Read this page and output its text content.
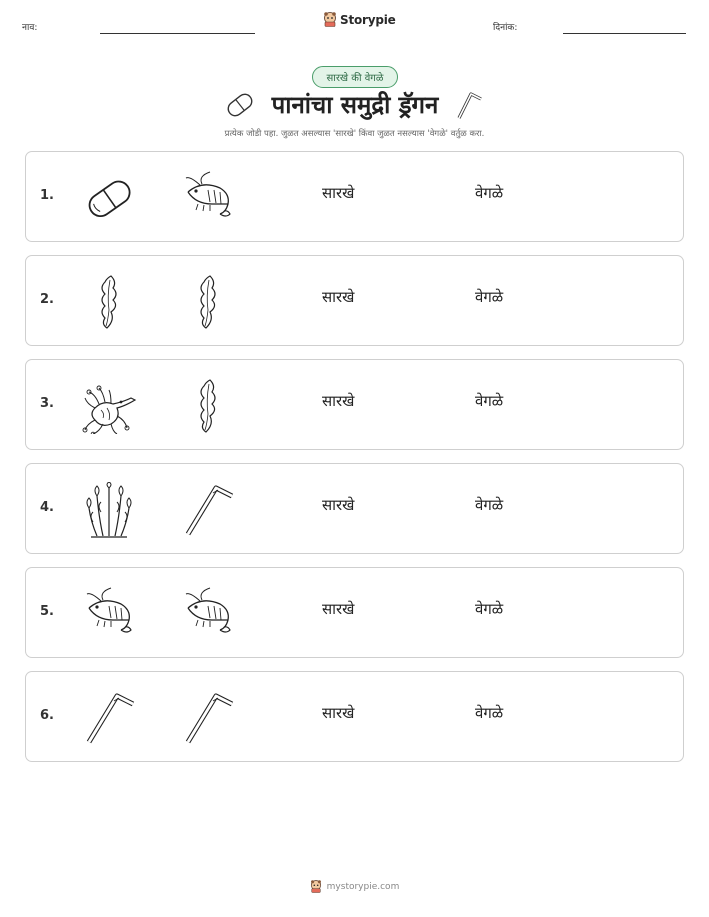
नाव:
Storypie
दिनांक:
सारखे की वेगळे
पानांचा समुद्री ड्रॅगन
प्रत्येक जोडी पहा. जुळत असल्यास 'सारखे' किंवा जुळत नसल्यास 'वेगळे' वर्तुळ करा.
1.	सारखे	वेगळे
2.	सारखे	वेगळे
3.	सारखे	वेगळे
4.	सारखे	वेगळे
5.	सारखे	वेगळे
6.	सारखे	वेगळे
mystorypie.com
